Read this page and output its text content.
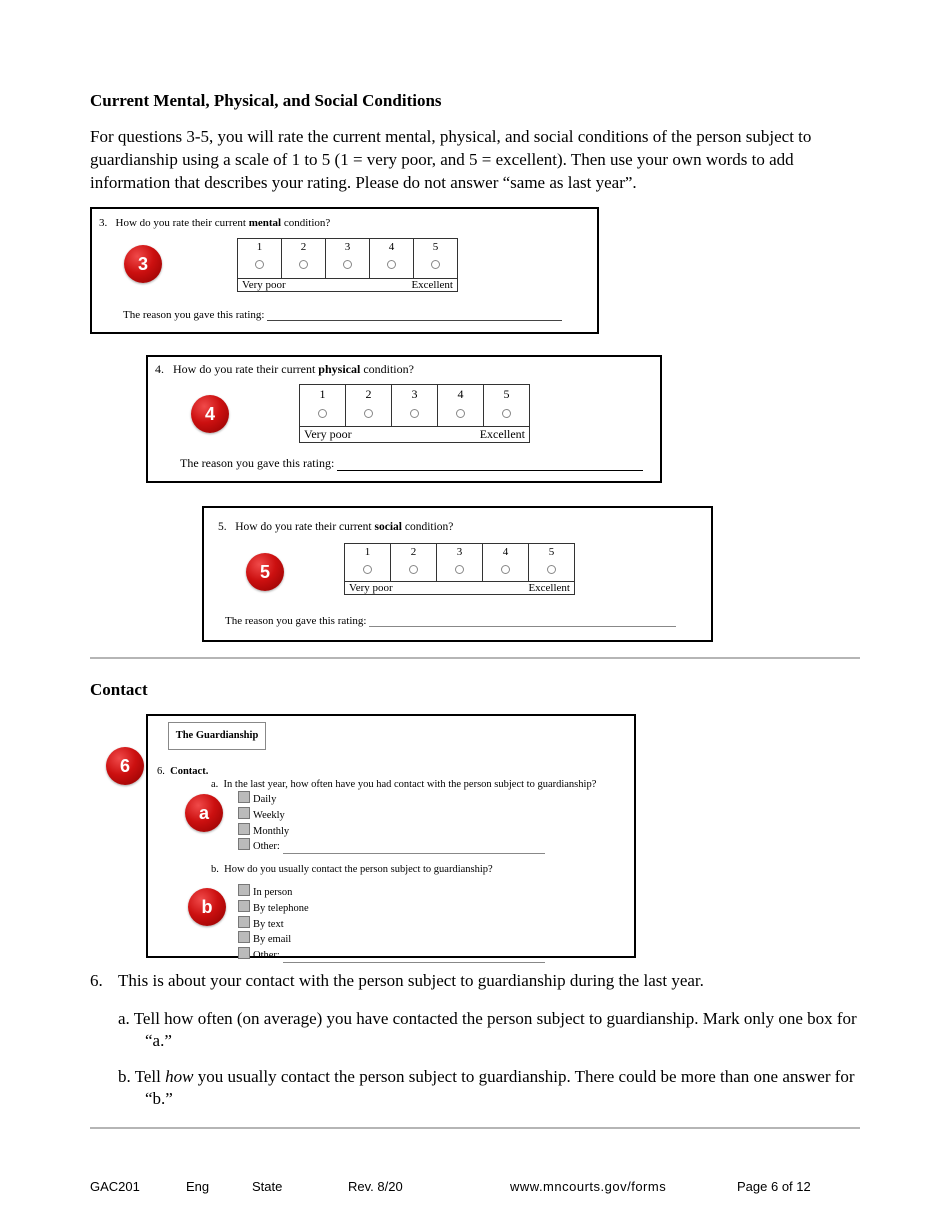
Current Mental, Physical, and Social Conditions
For questions 3-5, you will rate the current mental, physical, and social conditions of the person subject to guardianship using a scale of 1 to 5 (1 = very poor, and 5 = excellent). Then use your own words to add information that describes your rating. Please do not answer “same as last year”.
3. How do you rate their current mental condition?
3
1	2	3	4	5

Very poor	Excellent
The reason you gave this rating:
4. How do you rate their current physical condition?
4
1	2	3	4	5

Very poor	Excellent
The reason you gave this rating:
5. How do you rate their current social condition?
5
1	2	3	4	5

Very poor	Excellent
The reason you gave this rating:
Contact
6
The Guardianship
6. Contact.
a. In the last year, how often have you had contact with the person subject to guardianship?
a
Daily
Weekly
Monthly
Other:
b. How do you usually contact the person subject to guardianship?
b
In person
By telephone
By text
By email
Other:
6. This is about your contact with the person subject to guardianship during the last year.
a. Tell how often (on average) you have contacted the person subject to guardianship. Mark only one box for “a.”
b. Tell how you usually contact the person subject to guardianship. There could be more than one answer for “b.”
GAC201	Eng	State	Rev. 8/20	www.mncourts.gov/forms	Page 6 of 12
